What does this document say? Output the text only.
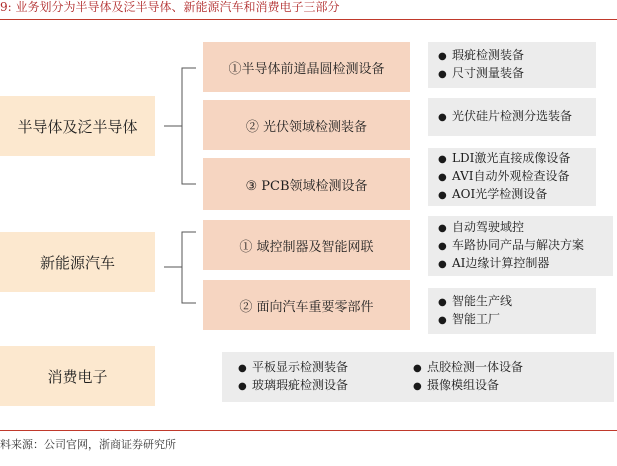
9: 业务划分为半导体及泛半导体、新能源汽车和消费电子三部分
半导体及泛半导体
①半导体前道晶圆检测设备
● 瑕疵检测装备
● 尺寸测量装备
② 光伏领域检测装备
● 光伏硅片检测分选装备
③ PCB领域检测设备
● LDI激光直接成像设备
● AVI自动外观检查设备
● AOI光学检测设备
新能源汽车
① 域控制器及智能网联
● 自动驾驶域控
● 车路协同产品与解决方案
● AI边缘计算控制器
② 面向汽车重要零部件	● 智能生产线
● 智能工厂
消费电子	● 平板显示检测装备
● 玻璃瑕疵检测设备
● 点胶检测一体设备
● 摄像模组设备
料来源：公司官网，浙商证券研究所
